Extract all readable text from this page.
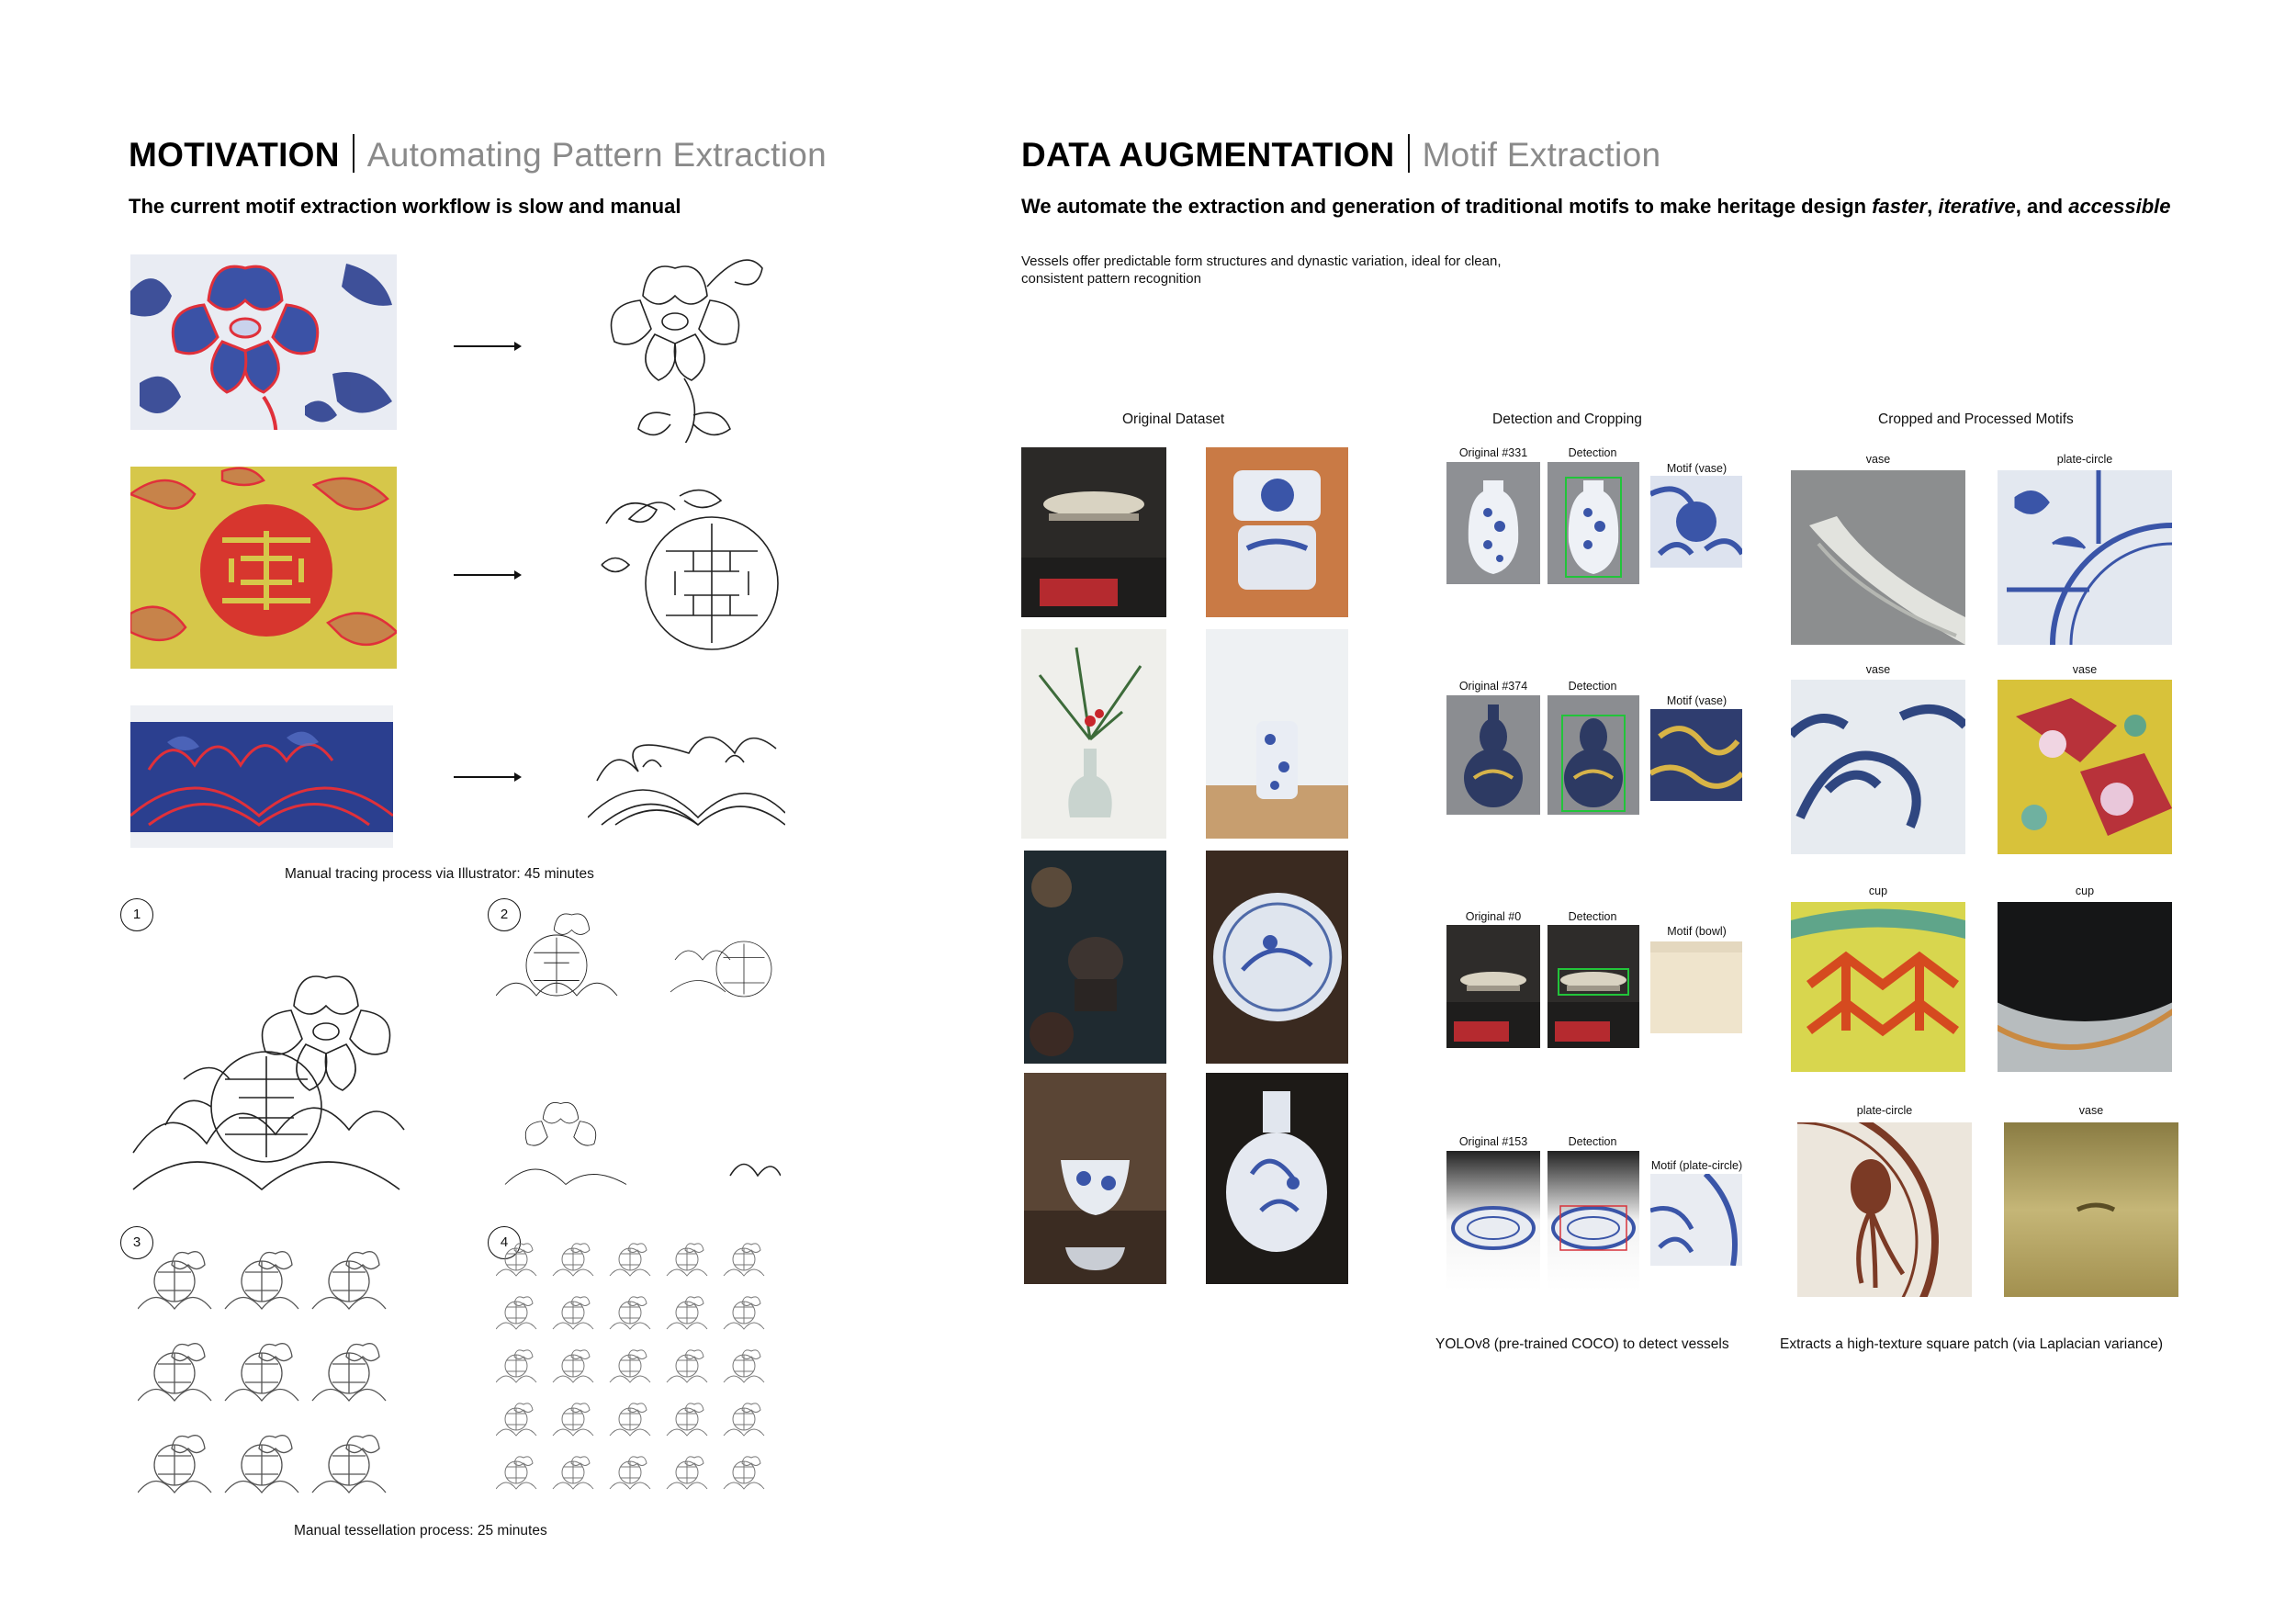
MOTIVATION Automating Pattern Extraction
The current motif extraction workflow is slow and manual
Manual tracing process via Illustrator: 45 minutes
1	2
3	4
Manual tessellation process: 25 minutes
DATA AUGMENTATION Motif Extraction
We automate the extraction and generation of traditional motifs to make heritage design faster, iterative, and accessible
Vessels offer predictable form structures and dynastic variation, ideal for clean, consistent pattern recognition
Original Dataset	Detection and Cropping	Cropped and Processed Motifs
Original #331	Detection
Motif (vase)
Original #374	Detection
Motif (vase)
Original #0	Detection
Motif (bowl)
Original #153	Detection
Motif (plate-circle)
vase	plate-circle
vase	vase
cup	cup
plate-circle	vase
YOLOv8 (pre-trained COCO) to detect vessels	Extracts a high-texture square patch (via Laplacian variance)
